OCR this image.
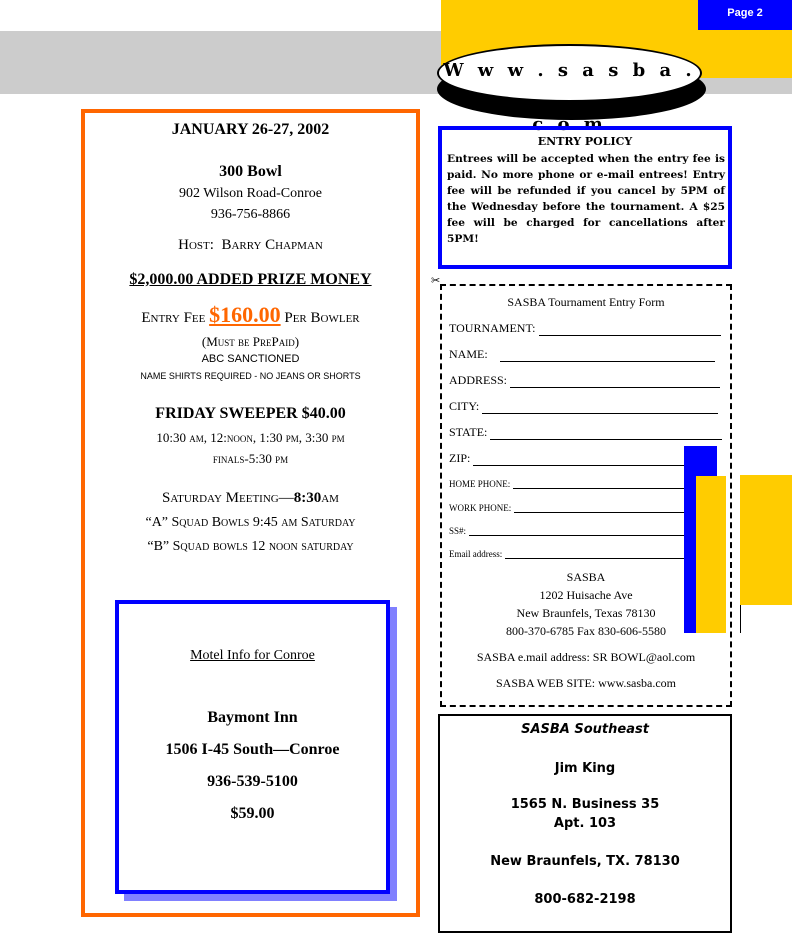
Page 2
W w w . s a s b a . c o m
JANUARY 26-27, 2002
300 Bowl
902 Wilson Road-Conroe
936-756-8866
Host: Barry Chapman
$2,000.00 ADDED PRIZE MONEY
Entry Fee $160.00 Per Bowler
(Must be PrePaid)
ABC SANCTIONED
NAME SHIRTS REQUIRED - NO JEANS OR SHORTS
FRIDAY SWEEPER $40.00
10:30 am, 12:noon, 1:30 pm, 3:30 pm
finals-5:30 pm
Saturday Meeting—8:30am
“A” Squad Bowls 9:45 am Saturday
“B” Squad bowls 12 noon saturday
Motel Info for Conroe
Baymont Inn
1506 I-45 South—Conroe
936-539-5100
$59.00
ENTRY POLICY
Entrees will be accepted when the entry fee is paid. No more phone or e-mail entrees! Entry fee will be refunded if you cancel by 5PM of the Wednesday before the tournament. A $25 fee will be charged for cancellations after 5PM!
✂
SASBA Tournament Entry Form
TOURNAMENT:
NAME:
ADDRESS:
CITY:
STATE:
ZIP:
HOME PHONE:
WORK PHONE:
SS#:
Email address:
SASBA
1202 Huisache Ave
New Braunfels, Texas 78130
800-370-6785 Fax 830-606-5580
SASBA e.mail address: SR BOWL@aol.com
SASBA WEB SITE: www.sasba.com
SASBA Southeast
Jim King
1565 N. Business 35
Apt. 103
New Braunfels, TX. 78130
800-682-2198
